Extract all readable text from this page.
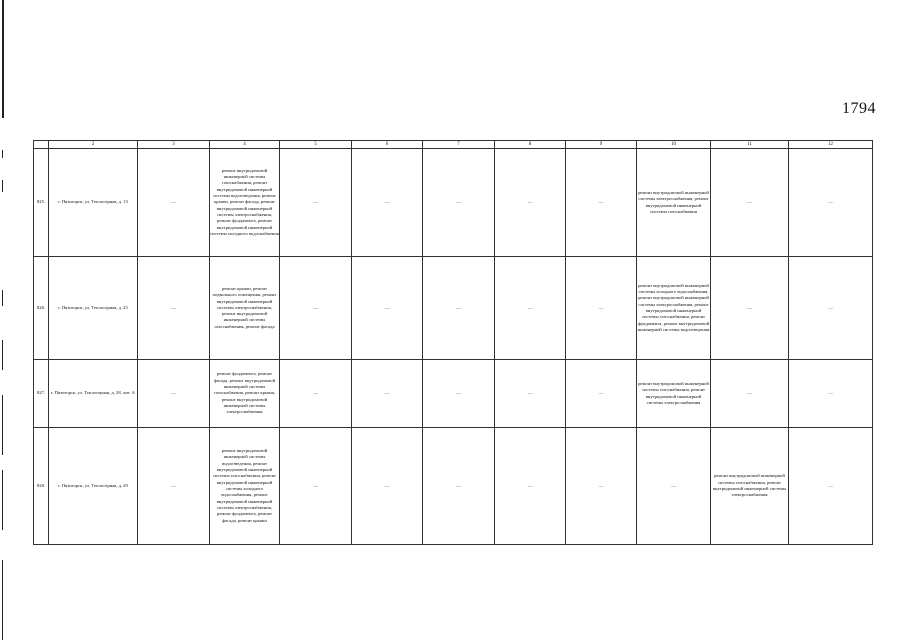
1794
	2	3	4	5	6	7	8	9	10	11	12
825.	г. Пятигорск, ул. Теплосерная, д. 13	—	ремонт внутридомовой инженерной системы газоснабжения, ремонт внутридомовой инженерной системы водоотведения, ремонт крыши, ремонт фасада, ремонт внутридомовой инженерной системы электроснабжения, ремонт фундамента, ремонт внутридомовой инженерной системы холодного водоснабжения	—	—	—	—	—	ремонт внутридомовой инженерной системы электроснабжения, ремонт внутридомовой инженерной системы газоснабжения	—	—
826.	г. Пятигорск, ул. Теплосерная, д. 25	—	ремонт крыши, ремонт подвального помещения, ремонт внутридомовой инженерной системы электроснабжения, ремонт внутридомовой инженерной системы газоснабжения, ремонт фасада	—	—	—	—	—	ремонт внутридомовой инженерной системы холодного водоснабжения, ремонт внутридомовой инженерной системы электроснабжения, ремонт внутридомовой инженерной системы газоснабжения, ремонт фундамента, ремонт внутридомовой инженерной системы водоотведения	—	—
827.	г. Пятигорск, ул. Теплосерная, д. 28, лит. А	—	ремонт фундамента, ремонт фасада, ремонт внутридомовой инженерной системы газоснабжения, ремонт крыши, ремонт внутридомовой инженерной системы электроснабжения	—	—	—	—	—	ремонт внутридомовой инженерной системы газоснабжения, ремонт внутридомовой инженерной системы электроснабжения	—	—
828.	г. Пятигорск, ул. Теплосерная, д. 29	—	ремонт внутридомовой инженерной системы водоотведения, ремонт внутридомовой инженерной системы газоснабжения, ремонт внутридомовой инженерной системы холодного водоснабжения, ремонт внутридомовой инженерной системы электроснабжения, ремонт фундамента, ремонт фасада, ремонт крыши	—	—	—	—	—	—	ремонт внутридомовой инженерной системы газоснабжения, ремонт внутридомовой инженерной системы электроснабжения	—
